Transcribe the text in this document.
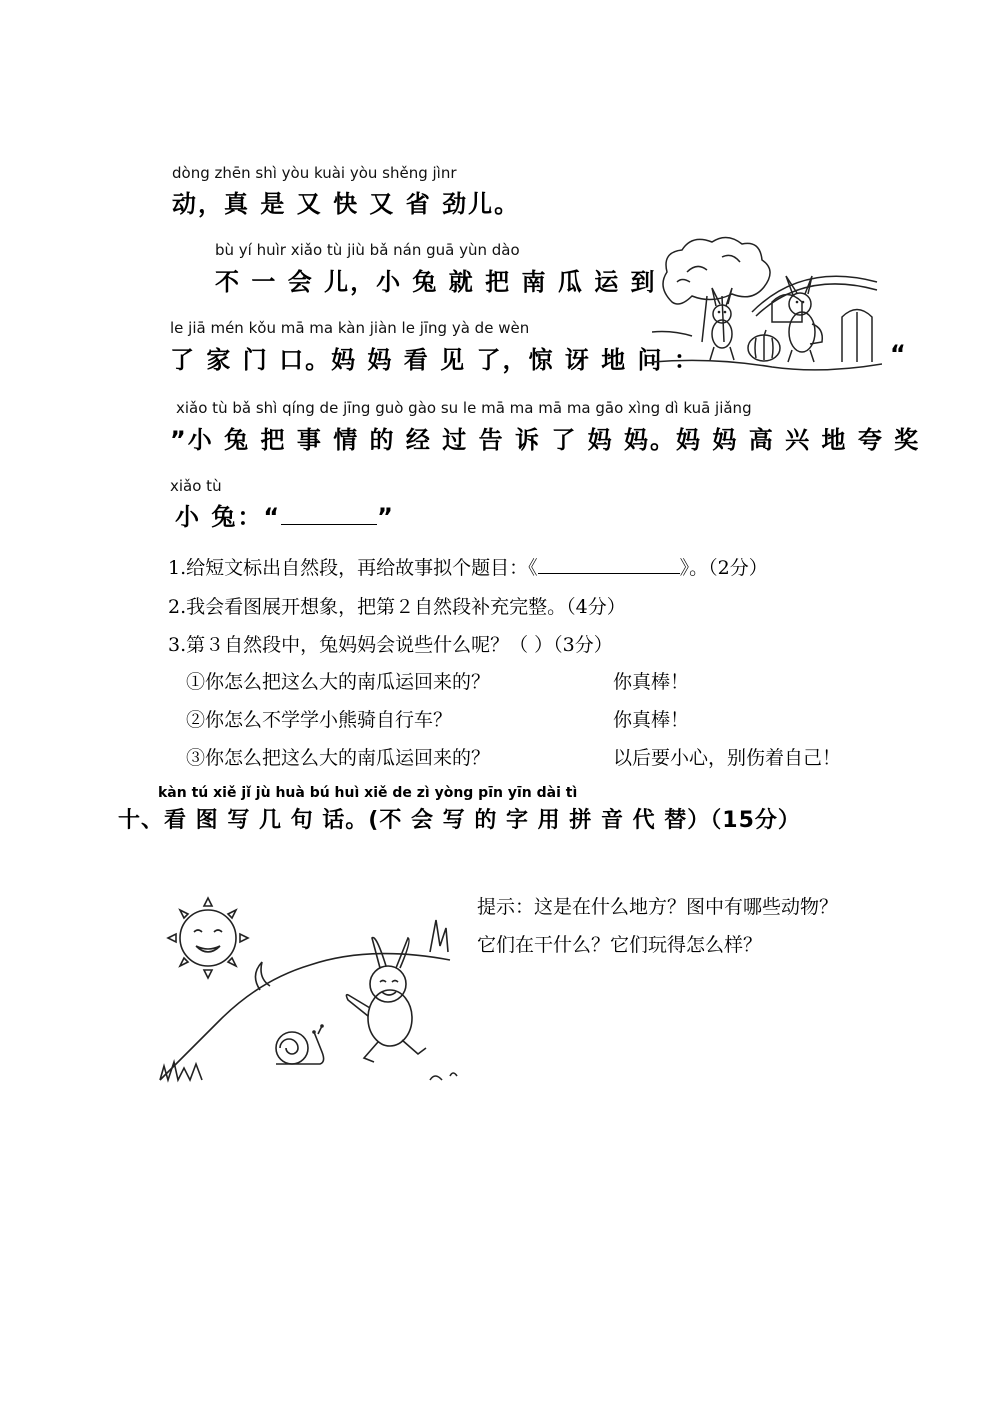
dòng zhēn shì yòu kuài yòu shěng jìnr
动，真 是 又 快 又 省 劲儿。
bù yí huìr xiǎo tù jiù bǎ nán guā yùn dào
不 一 会 儿，小 兔 就 把 南 瓜 运 到
le jiā mén kǒu mā ma kàn jiàn le jīng yà de wèn
了 家 门 口。妈 妈 看 见 了，惊 讶 地 问 ：	“
xiǎo tù bǎ shì qíng de jīng guò gào su le mā ma mā ma gāo xìng dì kuā jiǎng
”小 兔 把 事 情 的 经 过 告 诉 了 妈 妈。妈 妈 高 兴 地 夸 奖
xiǎo tù
小 兔：“	”
1.给短文标出自然段，再给故事拟个题目：《	》。（2分）
2.我会看图展开想象，把第２自然段补充完整。（4分）
3.第３自然段中，兔妈妈会说些什么呢？（ ）（3分）
①你怎么把这么大的南瓜运回来的？	你真棒！
②你怎么不学学小熊骑自行车？	你真棒！
③你怎么把这么大的南瓜运回来的？	以后要小心，别伤着自己！
kàn tú xiě jǐ jù huà bú huì xiě de zì yòng pīn yīn dài tì
十、看 图 写 几 句 话。(不 会 写 的 字 用 拼 音 代 替）（15分）
提示：这是在什么地方？图中有哪些动物？
它们在干什么？它们玩得怎么样？
